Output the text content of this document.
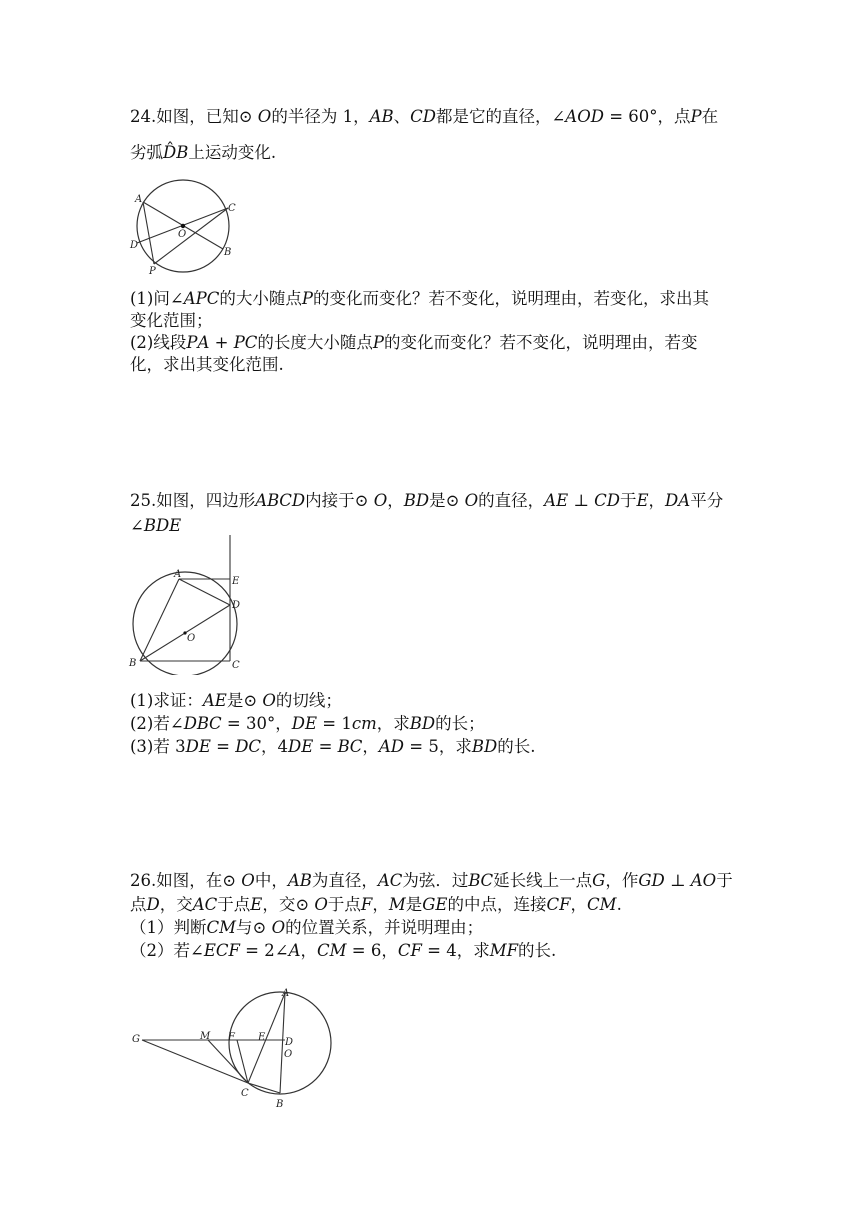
24.如图，已知⊙ 𝑂的半径为 1，𝐴𝐵、𝐶𝐷都是它的直径，∠𝐴𝑂𝐷 = 60°，点𝑃在
劣弧𝐷̂𝐵上运动变化.
A
C
O
D
B
P
(1)问∠𝐴𝑃𝐶的大小随点𝑃的变化而变化？若不变化，说明理由，若变化，求出其
变化范围；
(2)线段𝑃𝐴 + 𝑃𝐶的长度大小随点𝑃的变化而变化？若不变化，说明理由，若变
化，求出其变化范围.
25.如图，四边形𝐴𝐵𝐶𝐷内接于⊙ 𝑂，𝐵𝐷是⊙ 𝑂的直径，𝐴𝐸 ⊥ 𝐶𝐷于𝐸，𝐷𝐴平分
∠𝐵𝐷𝐸
A
E
D
O
B	C
(1)求证：𝐴𝐸是⊙ 𝑂的切线；
(2)若∠𝐷𝐵𝐶 = 30°，𝐷𝐸 = 1𝑐𝑚，求𝐵𝐷的长；
(3)若 3𝐷𝐸 = 𝐷𝐶，4𝐷𝐸 = 𝐵𝐶，𝐴𝐷 = 5，求𝐵𝐷的长.
26.如图，在⊙ 𝑂中，𝐴𝐵为直径，𝐴𝐶为弦．过𝐵𝐶延长线上一点𝐺，作𝐺𝐷 ⊥ 𝐴𝑂于
点𝐷，交𝐴𝐶于点𝐸，交⊙ 𝑂于点𝐹，𝑀是𝐺𝐸的中点，连接𝐶𝐹，𝐶𝑀.
（1）判断𝐶𝑀与⊙ 𝑂的位置关系，并说明理由；
（2）若∠𝐸𝐶𝐹 = 2∠𝐴，𝐶𝑀 = 6，𝐶𝐹 = 4，求𝑀𝐹的长.
A
G	M F E D
O
C
B
